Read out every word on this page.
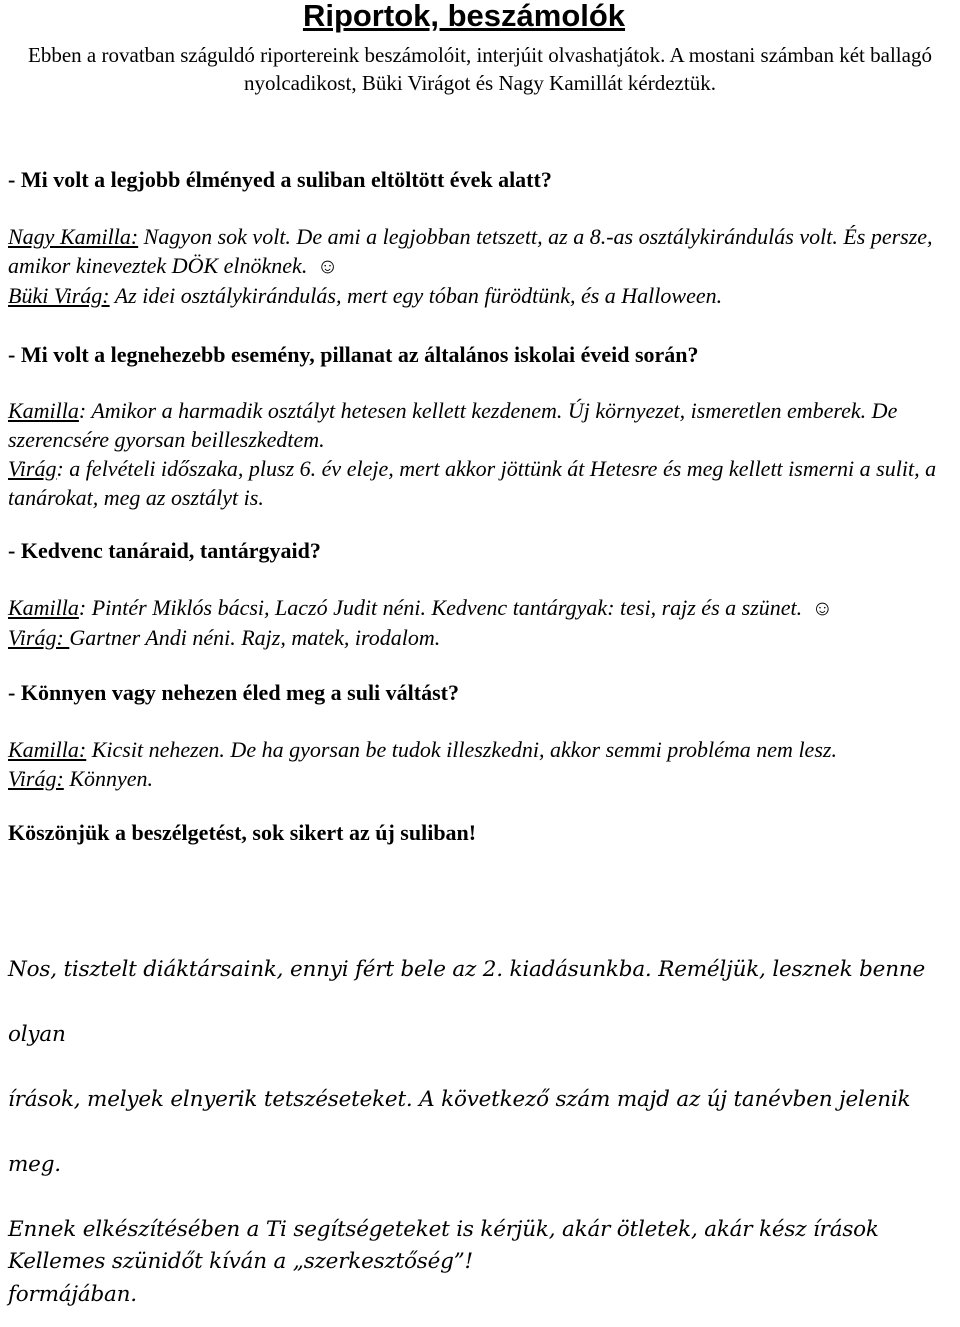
Riportok, beszámolók
Ebben a rovatban száguldó riportereink beszámolóit, interjúit olvashatjátok. A mostani számban két ballagó
nyolcadikost, Büki Virágot és Nagy Kamillát kérdeztük.
- Mi volt a legjobb élményed a suliban eltöltött évek alatt?

Nagy Kamilla: Nagyon sok volt. De ami a legjobban tetszett, az a 8.-as osztálykirándulás volt. És persze, amikor kineveztek DÖK elnöknek. ☺

Büki Virág: Az idei osztálykirándulás, mert egy tóban fürödtünk, és a Halloween.

- Mi volt a legnehezebb esemény, pillanat az általános iskolai éveid során?

Kamilla: Amikor a harmadik osztályt hetesen kellett kezdenem. Új környezet, ismeretlen emberek. De szerencsére gyorsan beilleszkedtem.

Virág: a felvételi időszaka, plusz 6. év eleje, mert akkor jöttünk át Hetesre és meg kellett ismerni a sulit, a tanárokat, meg az osztályt is.

- Kedvenc tanáraid, tantárgyaid?

Kamilla: Pintér Miklós bácsi, Laczó Judit néni. Kedvenc tantárgyak: tesi, rajz és a szünet. ☺

Virág: Gartner Andi néni. Rajz, matek, irodalom.

- Könnyen vagy nehezen éled meg a suli váltást?

Kamilla: Kicsit nehezen. De ha gyorsan be tudok illeszkedni, akkor semmi probléma nem lesz.

Virág: Könnyen.

Köszönjük a beszélgetést, sok sikert az új suliban!

Nos, tisztelt diáktársaink, ennyi fért bele az 2. kiadásunkba. Reméljük, lesznek benne olyan

írások, melyek elnyerik tetszéseteket. A következő szám majd az új tanévben jelenik meg.

Ennek elkészítésében a Ti segítségeteket is kérjük, akár ötletek, akár kész írások

formájában.

Kellemes szünidőt kíván a „szerkesztőség”!
